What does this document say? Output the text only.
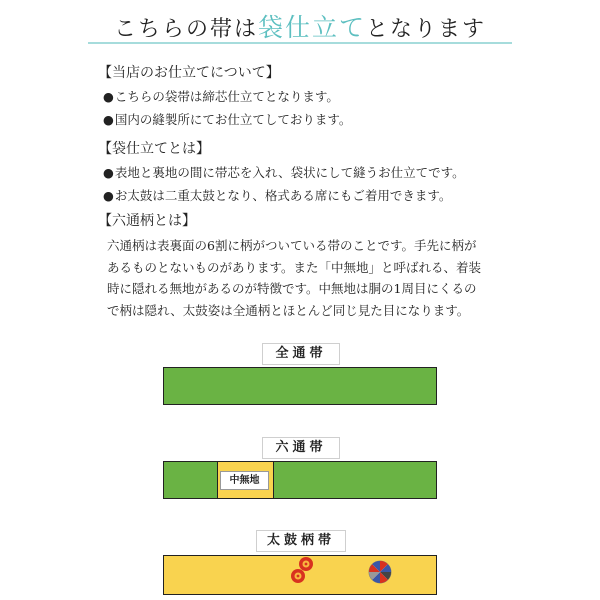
こちらの帯は袋仕立てとなります
【当店のお仕立てについて】
●こちらの袋帯は締芯仕立てとなります。
●国内の縫製所にてお仕立てしております。
【袋仕立てとは】
●表地と裏地の間に帯芯を入れ、袋状にして縫うお仕立てです。
●お太鼓は二重太鼓となり、格式ある席にもご着用できます。
【六通柄とは】
六通柄は表裏面の6割に柄がついている帯のことです。手先に柄が
あるものとないものがあります。また「中無地」と呼ばれる、着装
時に隠れる無地があるのが特徴です。中無地は胴の1周目にくるの
で柄は隠れ、太鼓姿は全通柄とほとんど同じ見た目になります。
全通帯
六通帯
中無地
太鼓柄帯
